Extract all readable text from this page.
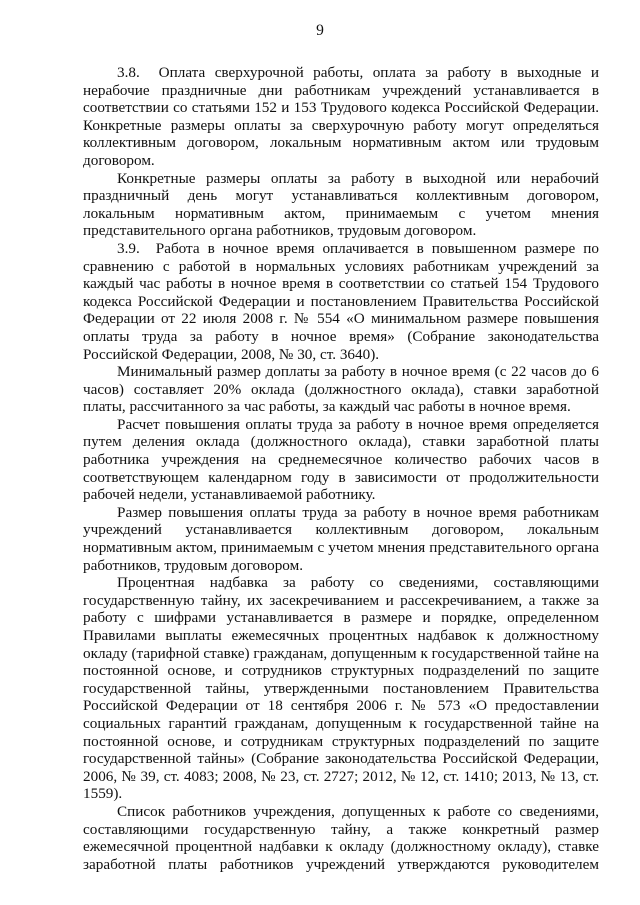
9

3.8.  Оплата сверхурочной работы, оплата за работу в выходные и нерабочие праздничные дни работникам учреждений устанавливается в соответствии со статьями 152 и 153 Трудового кодекса Российской Федерации. Конкретные размеры оплаты за сверхурочную работу могут определяться коллективным договором, локальным нормативным актом или трудовым договором.

Конкретные размеры оплаты за работу в выходной или нерабочий праздничный день могут устанавливаться коллективным договором, локальным нормативным актом, принимаемым с учетом мнения представительного органа работников, трудовым договором.

3.9.  Работа в ночное время оплачивается в повышенном размере по сравнению с работой в нормальных условиях работникам учреждений за каждый час работы в ночное время в соответствии со статьей 154 Трудового кодекса Российской Федерации и постановлением Правительства Российской Федерации от 22 июля 2008 г. № 554 «О минимальном размере повышения оплаты труда за работу в ночное время» (Собрание законодательства Российской Федерации, 2008, № 30, ст. 3640).

Минимальный размер доплаты за работу в ночное время (с 22 часов до 6 часов) составляет 20% оклада (должностного оклада), ставки заработной платы, рассчитанного за час работы, за каждый час работы в ночное время.

Расчет повышения оплаты труда за работу в ночное время определяется путем деления оклада (должностного оклада), ставки заработной платы работника учреждения на среднемесячное количество рабочих часов в соответствующем календарном году в зависимости от продолжительности рабочей недели, устанавливаемой работнику.

Размер повышения оплаты труда за работу в ночное время работникам учреждений устанавливается коллективным договором, локальным нормативным актом, принимаемым с учетом мнения представительного органа работников, трудовым договором.

Процентная надбавка за работу со сведениями, составляющими государственную тайну, их засекречиванием и рассекречиванием, а также за работу с шифрами устанавливается в размере и порядке, определенном Правилами выплаты ежемесячных процентных надбавок к должностному окладу (тарифной ставке) гражданам, допущенным к государственной тайне на постоянной основе, и сотрудников структурных подразделений по защите государственной тайны, утвержденными постановлением Правительства Российской Федерации от 18 сентября 2006 г. № 573 «О предоставлении социальных гарантий гражданам, допущенным к государственной тайне на постоянной основе, и сотрудникам структурных подразделений по защите государственной тайны» (Собрание законодательства Российской Федерации, 2006, № 39, ст. 4083; 2008, № 23, ст. 2727; 2012, № 12, ст. 1410; 2013, № 13, ст. 1559).

Список работников учреждения, допущенных к работе со сведениями, составляющими государственную тайну, а также конкретный размер ежемесячной процентной надбавки к окладу (должностному окладу), ставке заработной платы работников учреждений утверждаются руководителем
